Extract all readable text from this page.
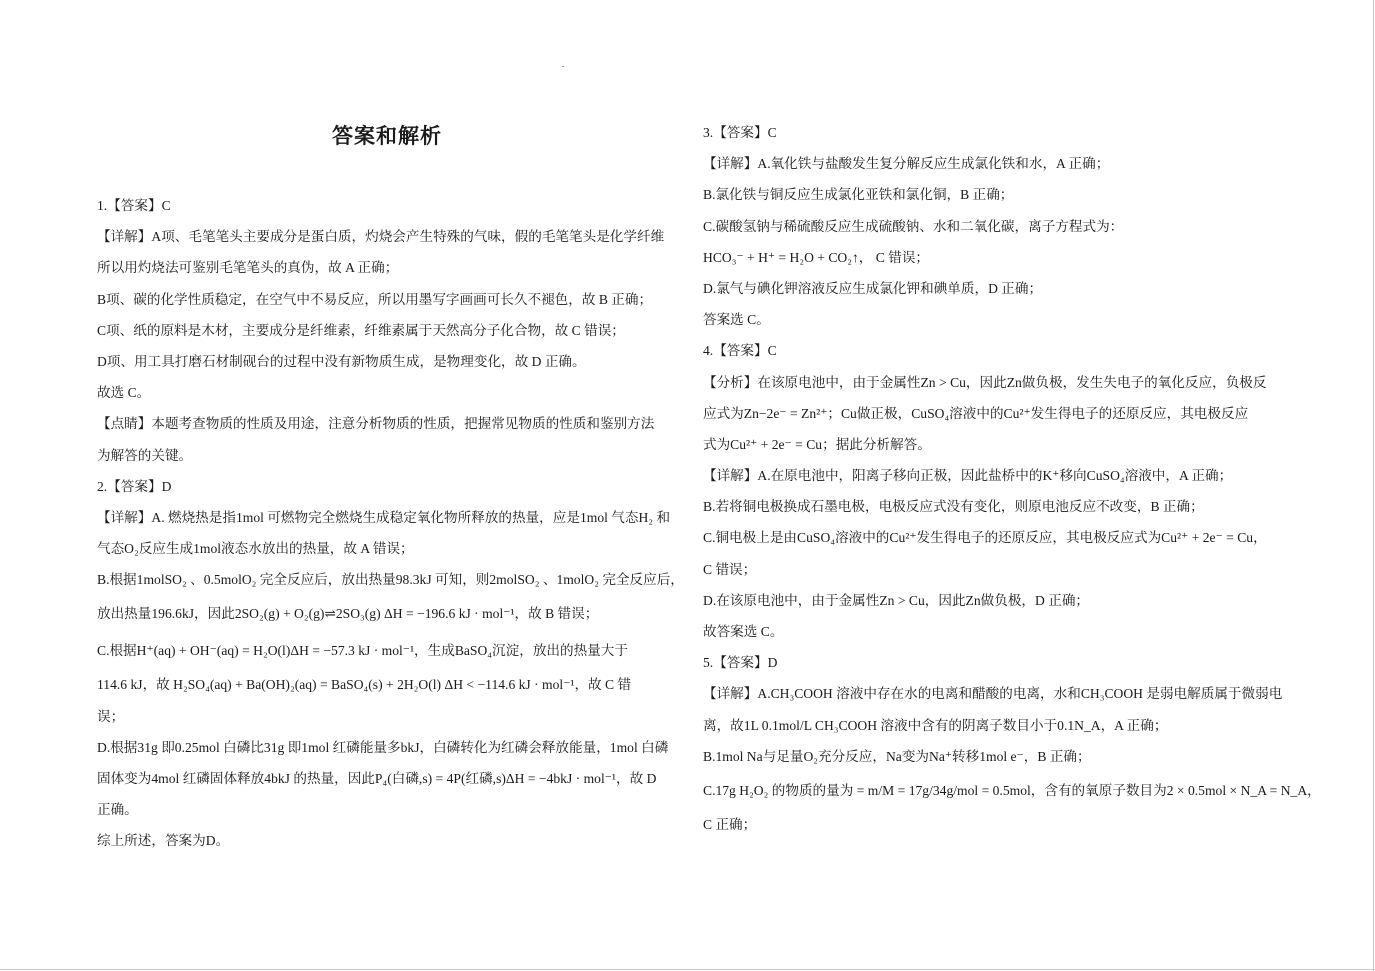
答案和解析
1.【答案】C
【详解】A项、毛笔笔头主要成分是蛋白质，灼烧会产生特殊的气味，假的毛笔笔头是化学纤维
所以用灼烧法可鉴别毛笔笔头的真伪，故 A 正确；
B项、碳的化学性质稳定，在空气中不易反应，所以用墨写字画画可长久不褪色，故 B 正确；
C项、纸的原料是木材，主要成分是纤维素，纤维素属于天然高分子化合物，故 C 错误；
D项、用工具打磨石材制砚台的过程中没有新物质生成，是物理变化，故 D 正确。
故选 C。
【点睛】本题考查物质的性质及用途，注意分析物质的性质，把握常见物质的性质和鉴别方法
为解答的关键。
2.【答案】D
【详解】A. 燃烧热是指1mol 可燃物完全燃烧生成稳定氧化物所释放的热量，应是1mol 气态H₂ 和
气态O₂反应生成1mol液态水放出的热量，故 A 错误；
B.根据1molSO₂ 、0.5molO₂ 完全反应后，放出热量98.3kJ 可知，则2molSO₂ 、1molO₂ 完全反应后，
放出热量196.6kJ，因此2SO₂(g) + O₂(g)⇌2SO₃(g) ΔH = −196.6 kJ · mol⁻¹，故 B 错误；
C.根据H⁺(aq) + OH⁻(aq) = H₂O(l)ΔH = −57.3 kJ · mol⁻¹，生成BaSO₄沉淀，放出的热量大于
114.6 kJ，故 H₂SO₄(aq) + Ba(OH)₂(aq) = BaSO₄(s) + 2H₂O(l) ΔH < −114.6 kJ · mol⁻¹，故 C 错
误；
D.根据31g 即0.25mol 白磷比31g 即1mol 红磷能量多bkJ，白磷转化为红磷会释放能量，1mol 白磷
固体变为4mol 红磷固体释放4bkJ 的热量，因此P₄(白磷,s) = 4P(红磷,s)ΔH = −4bkJ · mol⁻¹，故 D
正确。
综上所述，答案为D。
3.【答案】C
【详解】A.氧化铁与盐酸发生复分解反应生成氯化铁和水，A 正确；
B.氯化铁与铜反应生成氯化亚铁和氯化铜，B 正确；
C.碳酸氢钠与稀硫酸反应生成硫酸钠、水和二氧化碳，离子方程式为：
HCO₃⁻ + H⁺ = H₂O + CO₂↑， C 错误；
D.氯气与碘化钾溶液反应生成氯化钾和碘单质，D 正确；
答案选 C。
4.【答案】C
【分析】在该原电池中，由于金属性Zn > Cu，因此Zn做负极，发生失电子的氧化反应，负极反
应式为Zn−2e⁻ = Zn²⁺；Cu做正极，CuSO₄溶液中的Cu²⁺发生得电子的还原反应，其电极反应
式为Cu²⁺ + 2e⁻ = Cu；据此分析解答。
【详解】A.在原电池中，阳离子移向正极，因此盐桥中的K⁺移向CuSO₄溶液中，A 正确；
B.若将铜电极换成石墨电极，电极反应式没有变化，则原电池反应不改变，B 正确；
C.铜电极上是由CuSO₄溶液中的Cu²⁺发生得电子的还原反应，其电极反应式为Cu²⁺ + 2e⁻ = Cu，
C 错误；
D.在该原电池中，由于金属性Zn > Cu，因此Zn做负极，D 正确；
故答案选 C。
5.【答案】D
【详解】A.CH₃COOH 溶液中存在水的电离和醋酸的电离，水和CH₃COOH 是弱电解质属于微弱电
离，故1L 0.1mol/L CH₃COOH 溶液中含有的阴离子数目小于0.1N_A，A 正确；
B.1mol Na与足量O₂充分反应，Na变为Na⁺转移1mol e⁻，B 正确；
C.17g H₂O₂ 的物质的量为 = m/M = 17g/34g/mol = 0.5mol，含有的氧原子数目为2 × 0.5mol × N_A = N_A，
C 正确；
